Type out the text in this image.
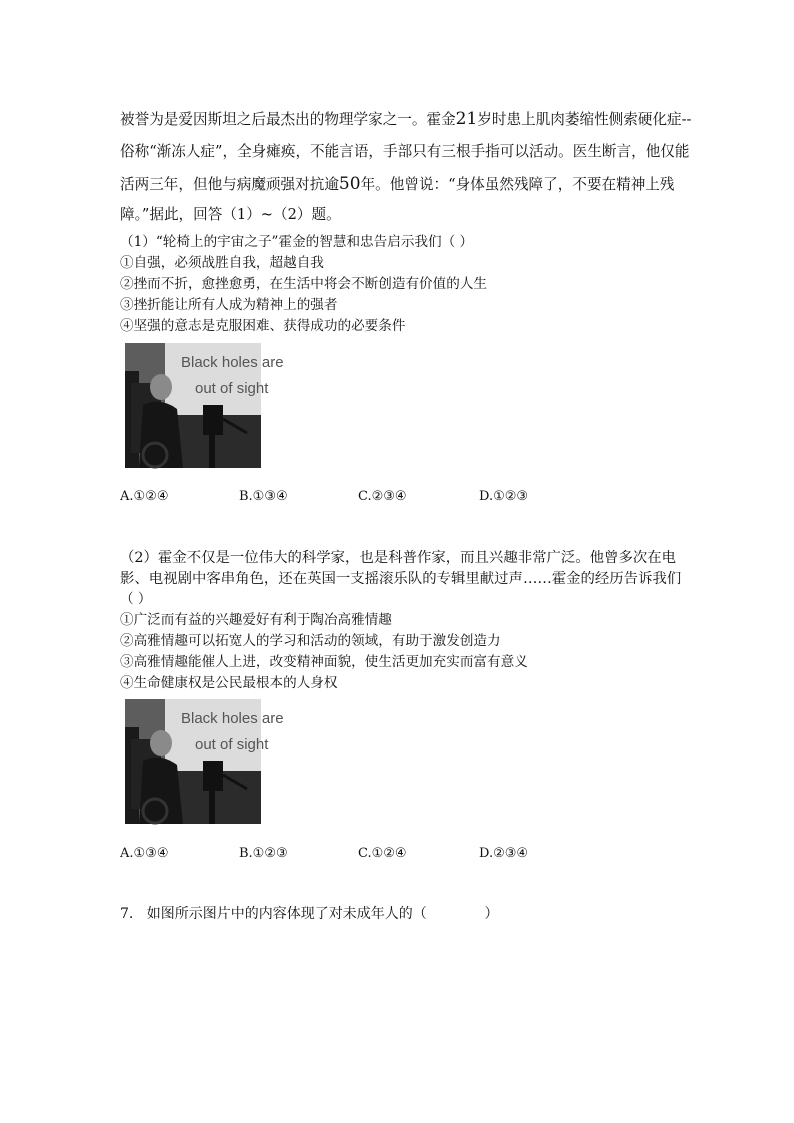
被誉为是爱因斯坦之后最杰出的物理学家之一。霍金21岁时患上肌肉萎缩性侧索硬化症--
俗称“渐冻人症”，全身瘫痪，不能言语，手部只有三根手指可以活动。医生断言，他仅能
活两三年，但他与病魔顽强对抗逾50年。他曾说：“身体虽然残障了，不要在精神上残
障。”据此，回答（1）~（2）题。
（1）“轮椅上的宇宙之子”霍金的智慧和忠告启示我们（ ）
①自强，必须战胜自我，超越自我
②挫而不折，愈挫愈勇，在生活中将会不断创造有价值的人生
③挫折能让所有人成为精神上的强者
④坚强的意志是克服困难、获得成功的必要条件
Black holes are
out of sight
A.①②④	B.①③④	C.②③④	D.①②③
（2）霍金不仅是一位伟大的科学家，也是科普作家，而且兴趣非常广泛。他曾多次在电
影、电视剧中客串角色，还在英国一支摇滚乐队的专辑里献过声……霍金的经历告诉我们
（ ）
①广泛而有益的兴趣爱好有利于陶冶高雅情趣
②高雅情趣可以拓宽人的学习和活动的领域，有助于激发创造力
③高雅情趣能催人上进，改变精神面貌，使生活更加充实而富有意义
④生命健康权是公民最根本的人身权
Black holes are
out of sight
A.①③④	B.①②③	C.①②④	D.②③④
7.   如图所示图片中的内容体现了对未成年人的（             ）
